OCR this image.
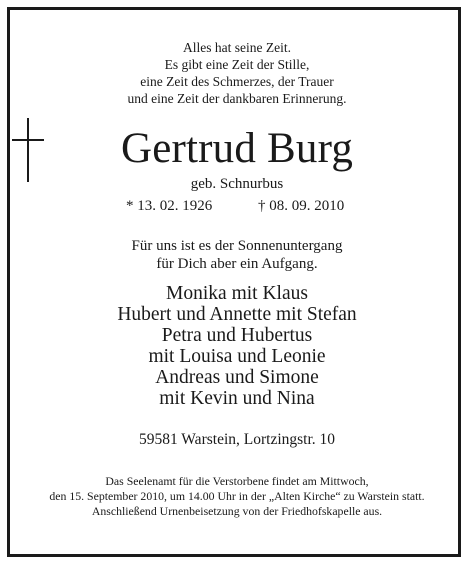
Alles hat seine Zeit.
Es gibt eine Zeit der Stille,
eine Zeit des Schmerzes, der Trauer
und eine Zeit der dankbaren Erinnerung.
Gertrud Burg
geb. Schnurbus
* 13. 02. 1926	† 08. 09. 2010
Für uns ist es der Sonnenuntergang
für Dich aber ein Aufgang.
Monika mit Klaus
Hubert und Annette mit Stefan
Petra und Hubertus
mit Louisa und Leonie
Andreas und Simone
mit Kevin und Nina
59581 Warstein, Lortzingstr. 10
Das Seelenamt für die Verstorbene findet am Mittwoch,
den 15. September 2010, um 14.00 Uhr in der „Alten Kirche“ zu Warstein statt.
Anschließend Urnenbeisetzung von der Friedhofskapelle aus.
